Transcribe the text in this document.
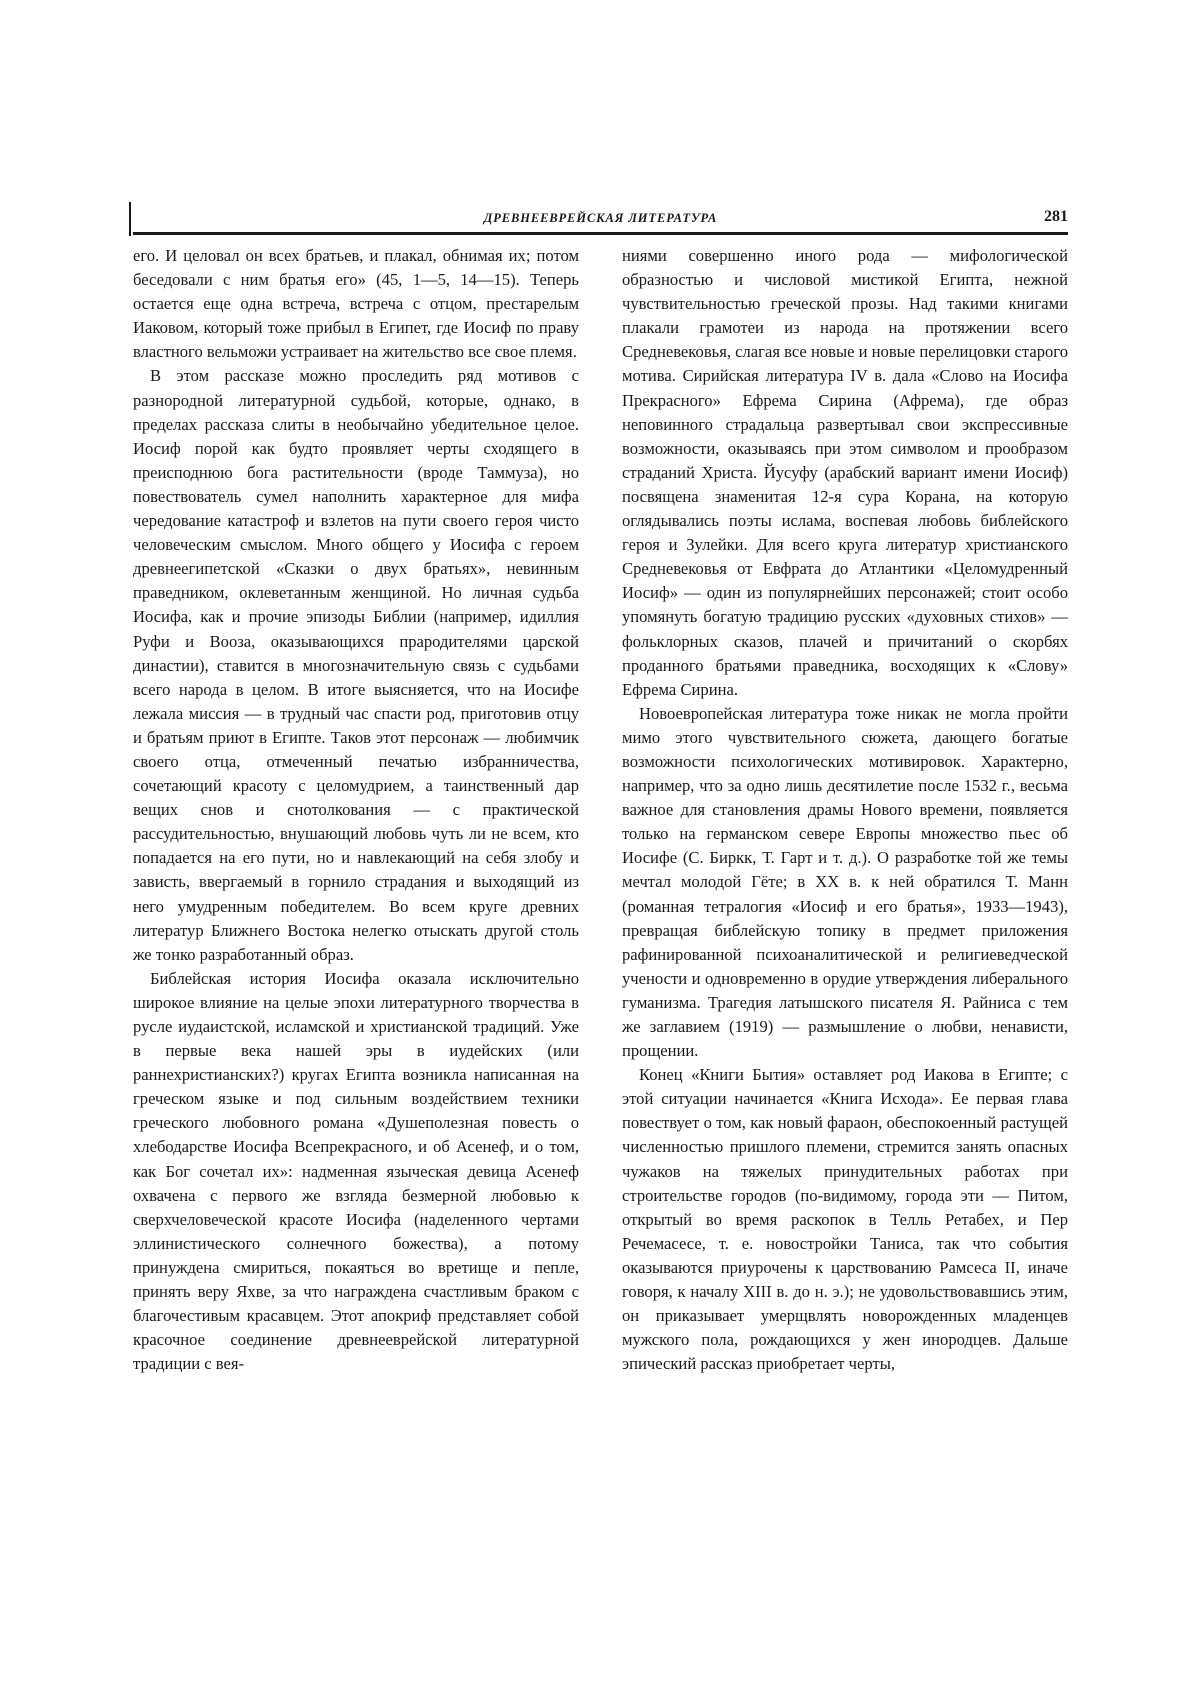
ДРЕВНЕЕВРЕЙСКАЯ ЛИТЕРАТУРА	281

его. И целовал он всех братьев, и плакал, обнимая их; потом беседовали с ним братья его» (45, 1—5, 14—15). Теперь остается еще одна встреча, встреча с отцом, престарелым Иаковом, который тоже прибыл в Египет, где Иосиф по праву властного вельможи устраивает на жительство все свое племя.

В этом рассказе можно проследить ряд мотивов с разнородной литературной судьбой, которые, однако, в пределах рассказа слиты в необычайно убедительное целое. Иосиф порой как будто проявляет черты сходящего в преисподнюю бога растительности (вроде Таммуза), но повествователь сумел наполнить характерное для мифа чередование катастроф и взлетов на пути своего героя чисто человеческим смыслом. Много общего у Иосифа с героем древнеегипетской «Сказки о двух братьях», невинным праведником, оклеветанным женщиной. Но личная судьба Иосифа, как и прочие эпизоды Библии (например, идиллия Руфи и Вооза, оказывающихся прародителями царской династии), ставится в многозначительную связь с судьбами всего народа в целом. В итоге выясняется, что на Иосифе лежала миссия — в трудный час спасти род, приготовив отцу и братьям приют в Египте. Таков этот персонаж — любимчик своего отца, отмеченный печатью избранничества, сочетающий красоту с целомудрием, а таинственный дар вещих снов и снотолкования — с практической рассудительностью, внушающий любовь чуть ли не всем, кто попадается на его пути, но и навлекающий на себя злобу и зависть, ввергаемый в горнило страдания и выходящий из него умудренным победителем. Во всем круге древних литератур Ближнего Востока нелегко отыскать другой столь же тонко разработанный образ.

Библейская история Иосифа оказала исключительно широкое влияние на целые эпохи литературного творчества в русле иудаистской, исламской и христианской традиций. Уже в первые века нашей эры в иудейских (или раннехристианских?) кругах Египта возникла написанная на греческом языке и под сильным воздействием техники греческого любовного романа «Душеполезная повесть о хлебодарстве Иосифа Всепрекрасного, и об Асенеф, и о том, как Бог сочетал их»: надменная языческая девица Асенеф охвачена с первого же взгляда безмерной любовью к сверхчеловеческой красоте Иосифа (наделенного чертами эллинистического солнечного божества), а потому принуждена смириться, покаяться во вретище и пепле, принять веру Яхве, за что награждена счастливым браком с благочестивым красавцем. Этот апокриф представляет собой красочное соединение древнееврейской литературной традиции с вея-

ниями совершенно иного рода — мифологической образностью и числовой мистикой Египта, нежной чувствительностью греческой прозы. Над такими книгами плакали грамотеи из народа на протяжении всего Средневековья, слагая все новые и новые перелицовки старого мотива. Сирийская литература IV в. дала «Слово на Иосифа Прекрасного» Ефрема Сирина (Афрема), где образ неповинного страдальца развертывал свои экспрессивные возможности, оказываясь при этом символом и прообразом страданий Христа. Йусуфу (арабский вариант имени Иосиф) посвящена знаменитая 12-я сура Корана, на которую оглядывались поэты ислама, воспевая любовь библейского героя и Зулейки. Для всего круга литератур христианского Средневековья от Евфрата до Атлантики «Целомудренный Иосиф» — один из популярнейших персонажей; стоит особо упомянуть богатую традицию русских «духовных стихов» — фольклорных сказов, плачей и причитаний о скорбях проданного братьями праведника, восходящих к «Слову» Ефрема Сирина.

Новоевропейская литература тоже никак не могла пройти мимо этого чувствительного сюжета, дающего богатые возможности психологических мотивировок. Характерно, например, что за одно лишь десятилетие после 1532 г., весьма важное для становления драмы Нового времени, появляется только на германском севере Европы множество пьес об Иосифе (С. Биркк, Т. Гарт и т. д.). О разработке той же темы мечтал молодой Гёте; в XX в. к ней обратился Т. Манн (романная тетралогия «Иосиф и его братья», 1933—1943), превращая библейскую топику в предмет приложения рафинированной психоаналитической и религиеведческой учености и одновременно в орудие утверждения либерального гуманизма. Трагедия латышского писателя Я. Райниса с тем же заглавием (1919) — размышление о любви, ненависти, прощении.

Конец «Книги Бытия» оставляет род Иакова в Египте; с этой ситуации начинается «Книга Исхода». Ее первая глава повествует о том, как новый фараон, обеспокоенный растущей численностью пришлого племени, стремится занять опасных чужаков на тяжелых принудительных работах при строительстве городов (по-видимому, города эти — Питом, открытый во время раскопок в Телль Ретабех, и Пер Речемасесе, т. е. новостройки Таниса, так что события оказываются приурочены к царствованию Рамсеса II, иначе говоря, к началу XIII в. до н. э.); не удовольствовавшись этим, он приказывает умерщвлять новорожденных младенцев мужского пола, рождающихся у жен инородцев. Дальше эпический рассказ приобретает черты,
